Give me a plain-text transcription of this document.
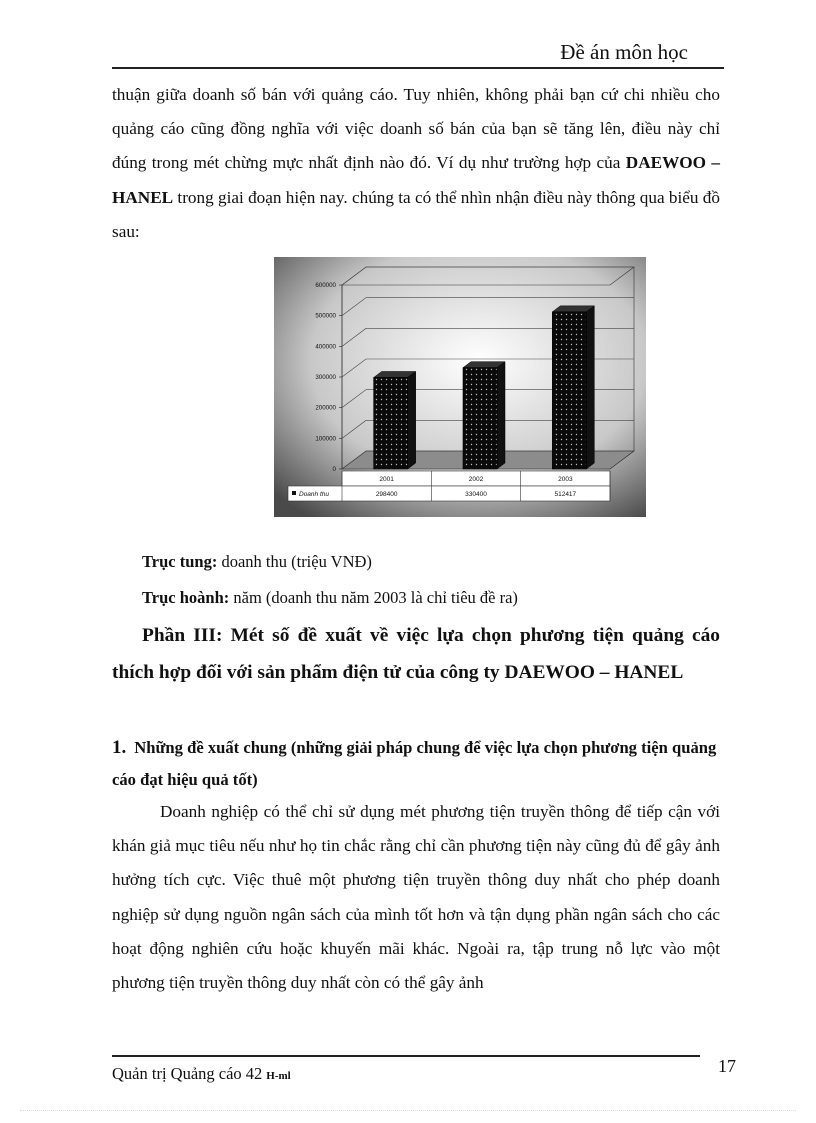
Đề án môn học

thuận giữa doanh số bán với quảng cáo. Tuy nhiên, không phải bạn cứ chi nhiều cho quảng cáo cũng đồng nghĩa với việc doanh số bán của bạn sẽ tăng lên, điều này chỉ đúng trong mét chừng mực nhất định nào đó. Ví dụ như trường hợp của DAEWOO – HANEL trong giai đoạn hiện nay. chúng ta có thể nhìn nhận điều này thông qua biểu đồ sau:

0
100000
200000
300000
400000
500000
600000
2001	2002	2003
298400	330400	512417
Doanh thu

Trục tung: doanh thu (triệu VNĐ)

Trục hoành: năm (doanh thu năm 2003 là chỉ tiêu đề ra)

Phần III: Mét số đề xuất về việc lựa chọn phương tiện quảng cáo thích hợp đối với sản phẩm điện tử của công ty DAEWOO – HANEL

1. Những đề xuất chung (những giải pháp chung để việc lựa chọn phương tiện quảng cáo đạt hiệu quả tốt)

Doanh nghiệp có thể chỉ sử dụng mét phương tiện truyền thông để tiếp cận với khán giả mục tiêu nếu như họ tin chắc rằng chỉ cần phương tiện này cũng đủ để gây ảnh hưởng tích cực. Việc thuê một phương tiện truyền thông duy nhất cho phép doanh nghiệp sử dụng nguồn ngân sách của mình tốt hơn và tận dụng phần ngân sách cho các hoạt động nghiên cứu hoặc khuyến mãi khác. Ngoài ra, tập trung nỗ lực vào một phương tiện truyền thông duy nhất còn có thể gây ảnh

Quản trị Quảng cáo 42 H-ml	17
